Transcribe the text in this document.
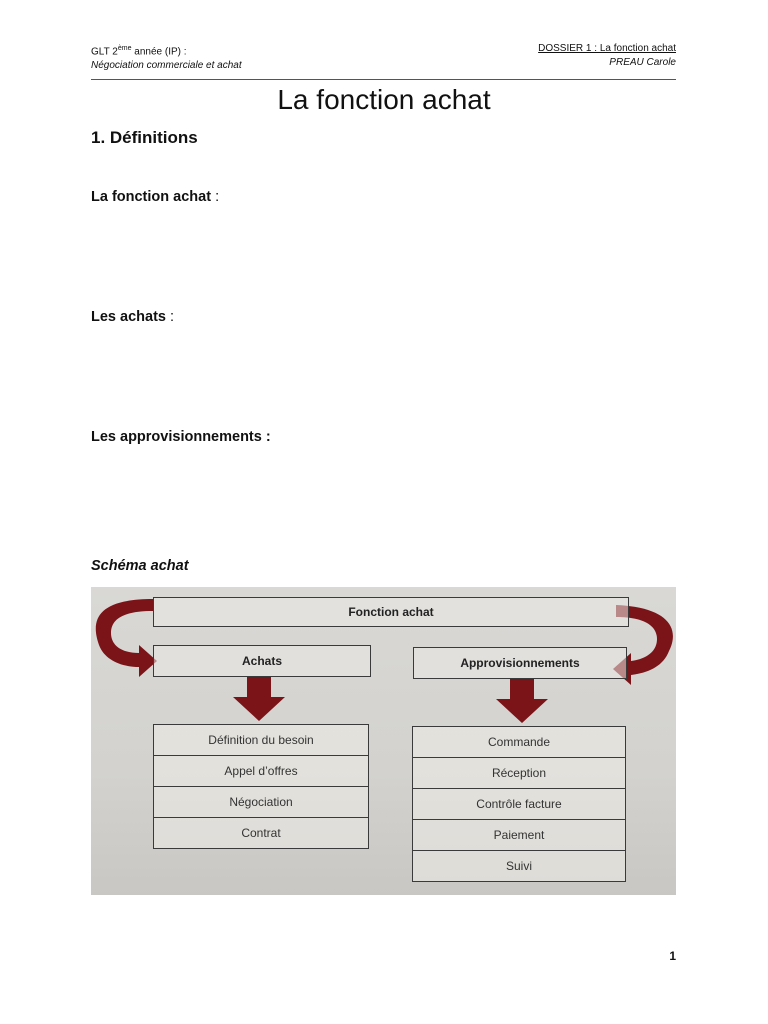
GLT 2ème année (IP) :
Négociation commerciale et achat
DOSSIER 1 : La fonction achat
PREAU Carole
La fonction achat
1. Définitions
La fonction achat :
Les achats :
Les approvisionnements :
Schéma achat
Fonction achat
Achats	Approvisionnements
Définition du besoin
Appel d’offres
Négociation
Contrat
Commande
Réception
Contrôle facture
Paiement
Suivi
1
